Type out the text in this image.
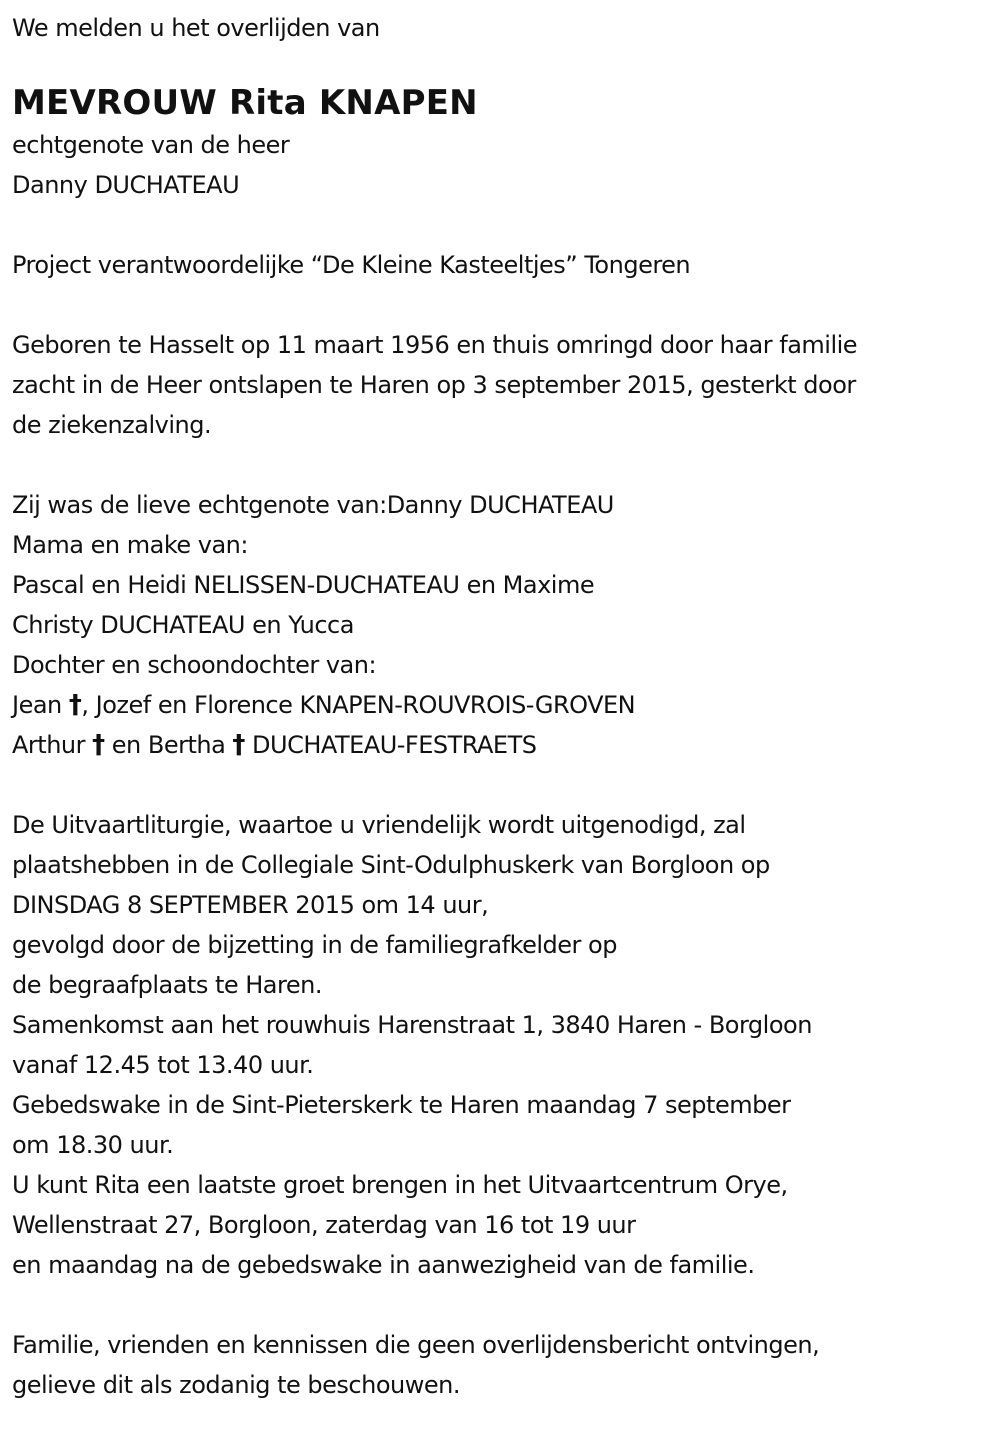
We melden u het overlijden van
MEVROUW Rita KNAPEN
echtgenote van de heer
Danny DUCHATEAU
Project verantwoordelijke “De Kleine Kasteeltjes” Tongeren
Geboren te Hasselt op 11 maart 1956 en thuis omringd door haar familie
zacht in de Heer ontslapen te Haren op 3 september 2015, gesterkt door
de ziekenzalving.
Zij was de lieve echtgenote van:Danny DUCHATEAU
Mama en make van:
Pascal en Heidi NELISSEN-DUCHATEAU en Maxime
Christy DUCHATEAU en Yucca
Dochter en schoondochter van:
Jean †, Jozef en Florence KNAPEN-ROUVROIS-GROVEN
Arthur † en Bertha † DUCHATEAU-FESTRAETS
De Uitvaartliturgie, waartoe u vriendelijk wordt uitgenodigd, zal
plaatshebben in de Collegiale Sint-Odulphuskerk van Borgloon op
DINSDAG 8 SEPTEMBER 2015 om 14 uur,
gevolgd door de bijzetting in de familiegrafkelder op
de begraafplaats te Haren.
Samenkomst aan het rouwhuis Harenstraat 1, 3840 Haren - Borgloon
vanaf 12.45 tot 13.40 uur.
Gebedswake in de Sint-Pieterskerk te Haren maandag 7 september
om 18.30 uur.
U kunt Rita een laatste groet brengen in het Uitvaartcentrum Orye,
Wellenstraat 27, Borgloon, zaterdag van 16 tot 19 uur
en maandag na de gebedswake in aanwezigheid van de familie.
Familie, vrienden en kennissen die geen overlijdensbericht ontvingen,
gelieve dit als zodanig te beschouwen.
